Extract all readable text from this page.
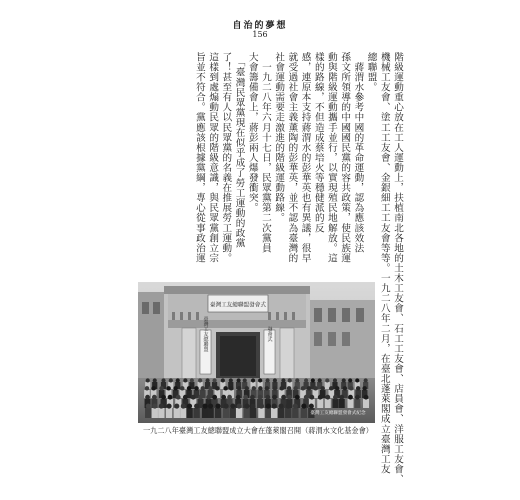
自治的夢想
156
階級運動重心放在工人運動上，扶植南北各地的土木工友會、石工工友會、店員會、洋服工友會、
機械工友會、塗工工友會、金銀細工工友會等等。一九二八年二月，在臺北蓬萊閣成立臺灣工友
總聯盟。
　蔣渭水參考中國的革命運動，認為應該效法
孫文所領導的中國國民黨的容共政策，使民族運
動與階級運動攜手並行，以實現殖民地解放。這
樣的路線，不但造成蔡培火等穩健派的反
感，連原本支持蔣渭水的彭華英也有異議，很早
就受過社會主義薰陶的彭華英，並不認為臺灣的
社會運動需要走激進的階級運動路線。
　一九二八年六月十七日，民眾黨第二次黨員
大會籌備會上，蔣彭兩人爆發衝突。
　「臺灣民眾黨現在似乎成了勞工運動的政黨
了！甚至有人以民眾黨的名義在推展勞工運動。
這樣到處煽動民眾的階級意識，與民眾黨創立宗
旨並不符合。黨應該根據黨綱，專心從事政治運
臺灣工友總聯盟發會式
臺灣工友總聯盟	發會式
臺灣工友總聯盟發會式紀念
一九二八年臺灣工友總聯盟成立大會在蓬萊閣召開（蔣渭水文化基金會）
